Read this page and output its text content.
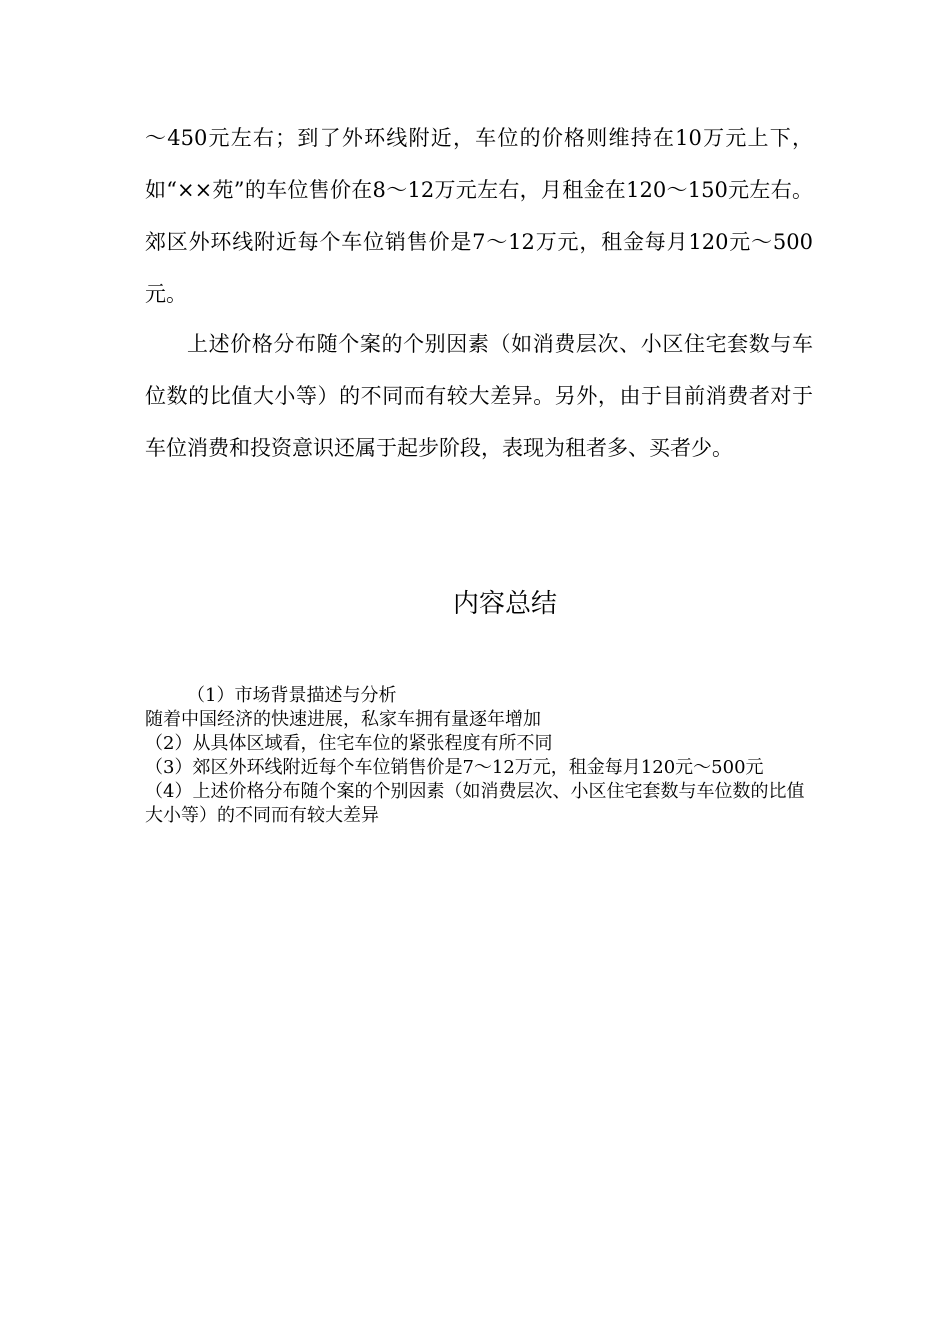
～450元左右；到了外环线附近，车位的价格则维持在10万元上下，如“××苑”的车位售价在8～12万元左右，月租金在120～150元左右。郊区外环线附近每个车位销售价是7～12万元，租金每月120元～500元。

上述价格分布随个案的个别因素（如消费层次、小区住宅套数与车位数的比值大小等）的不同而有较大差异。另外，由于目前消费者对于车位消费和投资意识还属于起步阶段，表现为租者多、买者少。

内容总结

（1）市场背景描述与分析

随着中国经济的快速进展，私家车拥有量逐年增加

（2）从具体区域看，住宅车位的紧张程度有所不同

（3）郊区外环线附近每个车位销售价是7～12万元，租金每月120元～500元

（4）上述价格分布随个案的个别因素（如消费层次、小区住宅套数与车位数的比值大小等）的不同而有较大差异
